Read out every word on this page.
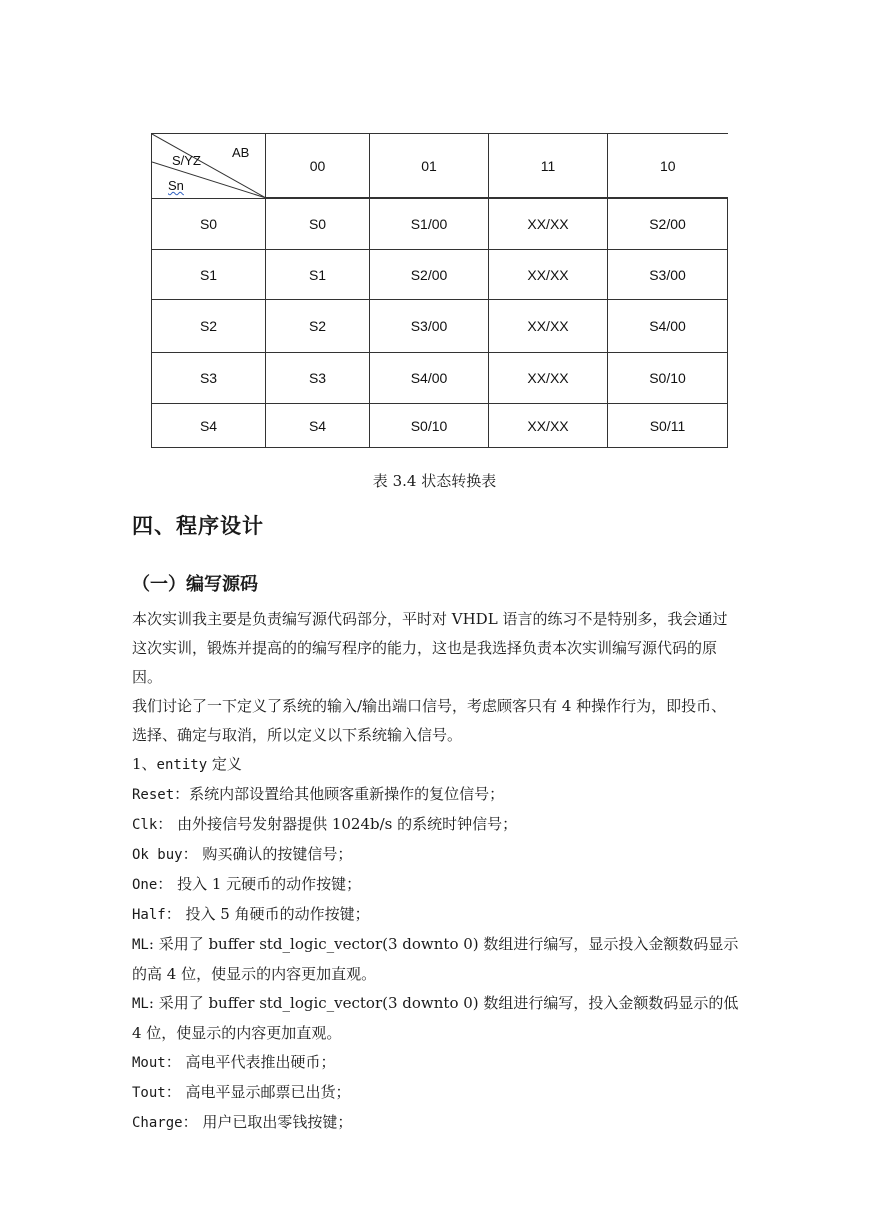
AB
S/YZ
Sn	00	01	11	10
S0	S0	S1/00	XX/XX	S2/00
S1	S1	S2/00	XX/XX	S3/00
S2	S2	S3/00	XX/XX	S4/00
S3	S3	S4/00	XX/XX	S0/10
S4	S4	S0/10	XX/XX	S0/11
表 3.4 状态转换表
四、程序设计
（一）编写源码

本次实训我主要是负责编写源代码部分，平时对 VHDL 语言的练习不是特别多，我会通过这次实训，锻炼并提高的的编写程序的能力，这也是我选择负责本次实训编写源代码的原因。

我们讨论了一下定义了系统的输入/输出端口信号，考虑顾客只有 4 种操作行为，即投币、选择、确定与取消，所以定义以下系统输入信号。

1、entity 定义

Reset：系统内部设置给其他顾客重新操作的复位信号；

Clk： 由外接信号发射器提供 1024b/s 的系统时钟信号；

Ok buy： 购买确认的按键信号；

One： 投入 1 元硬币的动作按键；

Half： 投入 5 角硬币的动作按键；

ML: 采用了 buffer std_logic_vector(3 downto 0) 数组进行编写，显示投入金额数码显示的高 4 位，使显示的内容更加直观。

ML: 采用了 buffer std_logic_vector(3 downto 0) 数组进行编写，投入金额数码显示的低 4 位，使显示的内容更加直观。

Mout： 高电平代表推出硬币；

Tout： 高电平显示邮票已出货；

Charge： 用户已取出零钱按键；
